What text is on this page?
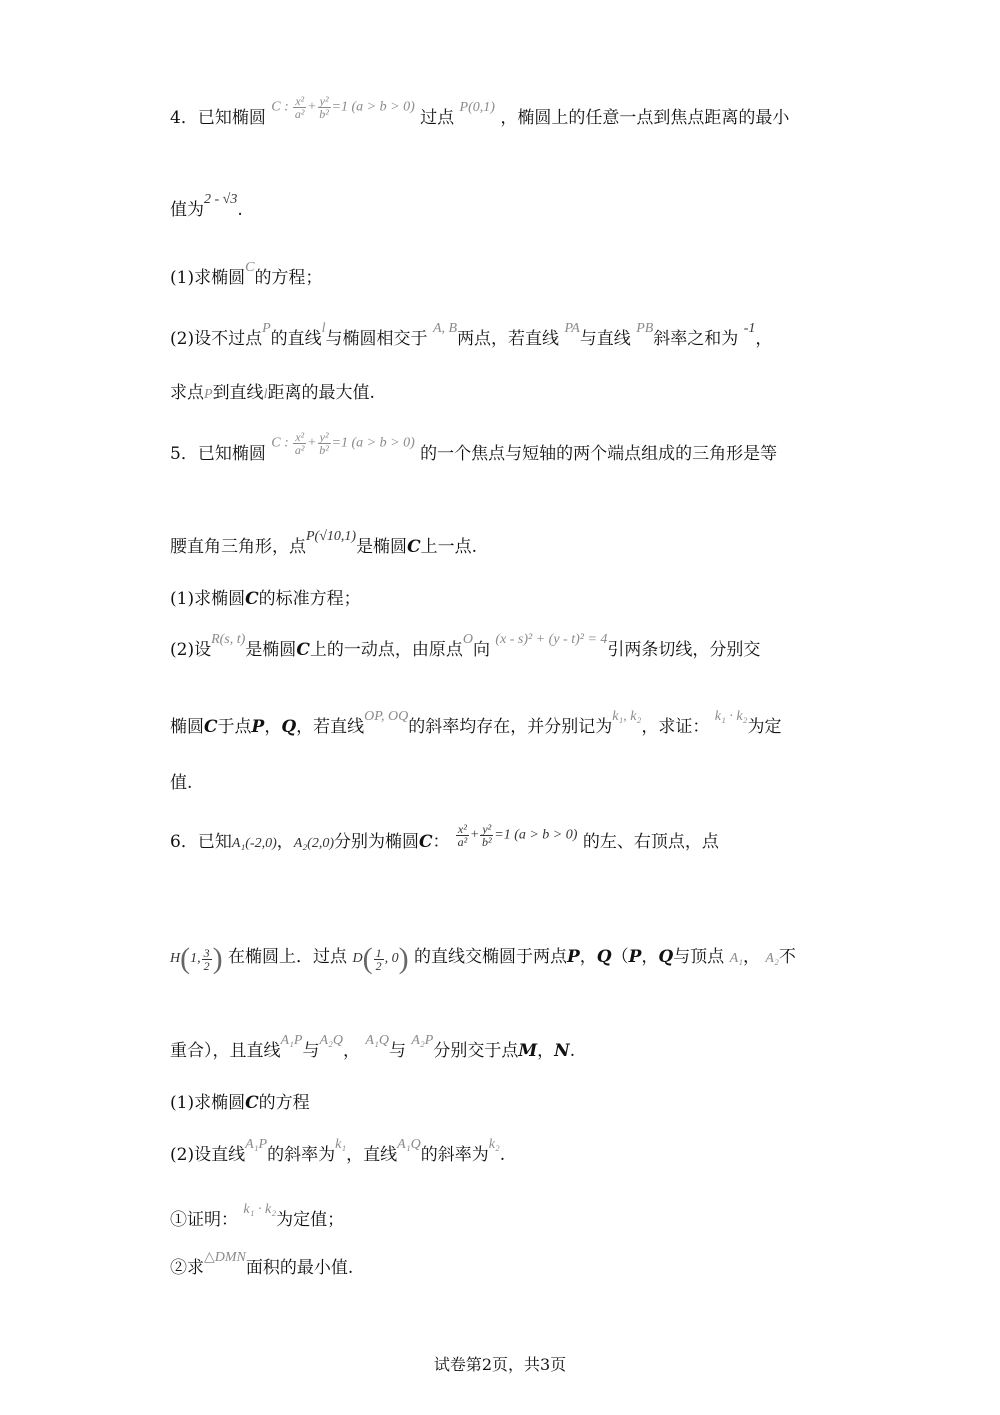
4．已知椭圆 C : $\frac{\text{x²}}{\text{a²}} + \frac{\text{y²}}{\text{b²}} =1$ (a > b > 0) 过点 P(0,1) ，椭圆上的任意一点到焦点距离的最小
值为2 - √3.
(1)求椭圆C的方程；
(2)设不过点P的直线l与椭圆相交于 A, B两点，若直线 PA与直线 PB斜率之和为 -1，
求点P到直线l距离的最大值.
5．已知椭圆 C : $\frac{\text{x²}}{\text{a²}} + \frac{\text{y²}}{\text{b²}} =1$ (a > b > 0) 的一个焦点与短轴的两个端点组成的三角形是等
腰直角三角形，点P(√10,1)是椭圆C上一点.
(1)求椭圆C的标准方程；
(2)设R(s, t)是椭圆C上的一动点，由原点O向 (x - s)² + (y - t)² = 4引两条切线，分别交
椭圆C于点P，Q，若直线OP, OQ的斜率均存在，并分别记为k₁, k₂，求证： k₁ · k₂为定
值.
6．已知A₁(-2,0)，A₂(2,0)分别为椭圆C： $\frac{\text{x²}}{\text{a²}} + \frac{\text{y²}}{\text{b²}} =1$ (a > b > 0) 的左、右顶点，点
H(1, $\frac{3}{2}$ ) 在椭圆上．过点 $D( \frac{1}{2}$ , 0) 的直线交椭圆于两点P，Q（P，Q与顶点 A₁， A₂不
重合），且直线A₁P与A₂Q， A₁Q与 A₂P分别交于点M，N.
(1)求椭圆C的方程
(2)设直线A₁P的斜率为k₁，直线A₁Q的斜率为k₂.
①证明： k₁ · k₂为定值；
②求△DMN面积的最小值.
试卷第2页，共3页
